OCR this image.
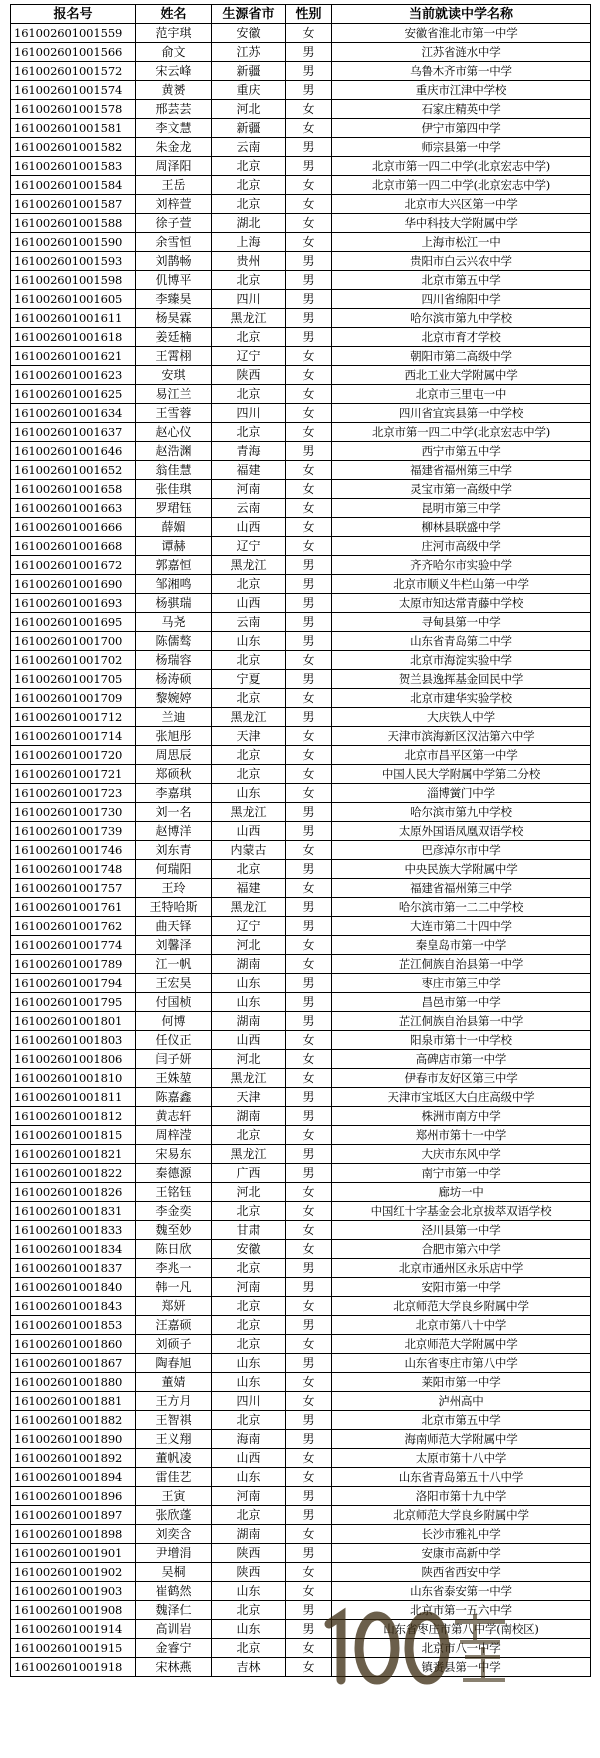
报名号	姓名	生源省市	性别	当前就读中学名称
161002601001559	范宇琪	安徽	女	安徽省淮北市第一中学
161002601001566	俞文	江苏	男	江苏省涟水中学
161002601001572	宋云峰	新疆	男	乌鲁木齐市第一中学
161002601001574	黄赟	重庆	男	重庆市江津中学校
161002601001578	邢芸芸	河北	女	石家庄精英中学
161002601001581	李文慧	新疆	女	伊宁市第四中学
161002601001582	朱金龙	云南	男	师宗县第一中学
161002601001583	周泽阳	北京	男	北京市第一四二中学(北京宏志中学)
161002601001584	王岳	北京	女	北京市第一四二中学(北京宏志中学)
161002601001587	刘梓萱	北京	女	北京市大兴区第一中学
161002601001588	徐子萱	湖北	女	华中科技大学附属中学
161002601001590	余雪恒	上海	女	上海市松江一中
161002601001593	刘鹊畅	贵州	男	贵阳市白云兴农中学
161002601001598	仉博平	北京	男	北京市第五中学
161002601001605	李臻昊	四川	男	四川省绵阳中学
161002601001611	杨昊霖	黑龙江	男	哈尔滨市第九中学校
161002601001618	姜廷楠	北京	男	北京市育才学校
161002601001621	王霄栩	辽宁	女	朝阳市第二高级中学
161002601001623	安琪	陕西	女	西北工业大学附属中学
161002601001625	易江兰	北京	女	北京市三里屯一中
161002601001634	王雪蓉	四川	女	四川省宜宾县第一中学校
161002601001637	赵心仪	北京	女	北京市第一四二中学(北京宏志中学)
161002601001646	赵浩渊	青海	男	西宁市第五中学
161002601001652	翁佳慧	福建	女	福建省福州第三中学
161002601001658	张佳琪	河南	女	灵宝市第一高级中学
161002601001663	罗珺钰	云南	女	昆明市第三中学
161002601001666	薛媚	山西	女	柳林县联盛中学
161002601001668	谭赫	辽宁	女	庄河市高级中学
161002601001672	郭嘉恒	黑龙江	男	齐齐哈尔市实验中学
161002601001690	邹湘鸣	北京	男	北京市顺义牛栏山第一中学
161002601001693	杨骐瑞	山西	男	太原市知达常青藤中学校
161002601001695	马尧	云南	男	寻甸县第一中学
161002601001700	陈儒骜	山东	男	山东省青岛第二中学
161002601001702	杨瑞容	北京	女	北京市海淀实验中学
161002601001705	杨涛硕	宁夏	男	贺兰县逸挥基金回民中学
161002601001709	黎婉婷	北京	女	北京市建华实验学校
161002601001712	兰迪	黑龙江	男	大庆铁人中学
161002601001714	张旭彤	天津	女	天津市滨海新区汉沽第六中学
161002601001720	周思辰	北京	女	北京市昌平区第一中学
161002601001721	郑硕秋	北京	女	中国人民大学附属中学第二分校
161002601001723	李嘉琪	山东	女	淄博黉门中学
161002601001730	刘一名	黑龙江	男	哈尔滨市第九中学校
161002601001739	赵博洋	山西	男	太原外国语凤凰双语学校
161002601001746	刘东青	内蒙古	女	巴彦淖尔市中学
161002601001748	何瑞阳	北京	男	中央民族大学附属中学
161002601001757	王玲	福建	女	福建省福州第三中学
161002601001761	王特哈斯	黑龙江	男	哈尔滨市第一二二中学校
161002601001762	曲天铎	辽宁	男	大连市第二十四中学
161002601001774	刘馨泽	河北	女	秦皇岛市第一中学
161002601001789	江一帆	湖南	女	芷江侗族自治县第一中学
161002601001794	王宏昊	山东	男	枣庄市第三中学
161002601001795	付国桢	山东	男	昌邑市第一中学
161002601001801	何博	湖南	男	芷江侗族自治县第一中学
161002601001803	任仪正	山西	女	阳泉市第十一中学校
161002601001806	闫子妍	河北	女	高碑店市第一中学
161002601001810	王姝堃	黑龙江	女	伊春市友好区第三中学
161002601001811	陈嘉鑫	天津	男	天津市宝坻区大白庄高级中学
161002601001812	黄志轩	湖南	男	株洲市南方中学
161002601001815	周梓滢	北京	女	郑州市第十一中学
161002601001821	宋易东	黑龙江	男	大庆市东风中学
161002601001822	秦德源	广西	男	南宁市第一中学
161002601001826	王铭钰	河北	女	廊坊一中
161002601001831	李金奕	北京	女	中国红十字基金会北京拔萃双语学校
161002601001833	魏至妙	甘肃	女	泾川县第一中学
161002601001834	陈日欣	安徽	女	合肥市第六中学
161002601001837	李兆一	北京	男	北京市通州区永乐店中学
161002601001840	韩一凡	河南	男	安阳市第一中学
161002601001843	郑妍	北京	女	北京师范大学良乡附属中学
161002601001853	汪嘉硕	北京	男	北京市第八十中学
161002601001860	刘硕子	北京	女	北京师范大学附属中学
161002601001867	陶春旭	山东	男	山东省枣庄市第八中学
161002601001880	董婧	山东	女	莱阳市第一中学
161002601001881	王方月	四川	女	泸州高中
161002601001882	王智祺	北京	男	北京市第五中学
161002601001890	王义翔	海南	男	海南师范大学附属中学
161002601001892	董帆凌	山西	女	太原市第十八中学
161002601001894	雷佳艺	山东	女	山东省青岛第五十八中学
161002601001896	王寅	河南	男	洛阳市第十九中学
161002601001897	张欣蓬	北京	男	北京师范大学良乡附属中学
161002601001898	刘奕含	湖南	女	长沙市雅礼中学
161002601001901	尹增涓	陕西	男	安康市高新中学
161002601001902	吴桐	陕西	女	陕西省西安中学
161002601001903	崔鹤然	山东	女	山东省泰安第一中学
161002601001908	魏泽仁	北京	男	北京市第一五六中学
161002601001914	高训岩	山东	男	山东省枣庄市第八中学(南校区)
161002601001915	金睿宁	北京	女	北京市八一中学
161002601001918	宋林燕	吉林	女	镇赉县第一中学
